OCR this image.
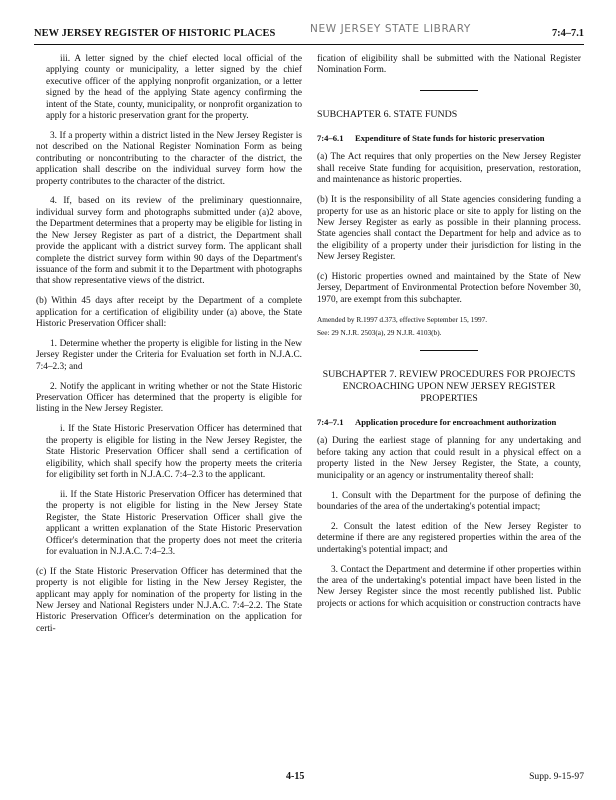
NEW JERSEY REGISTER OF HISTORIC PLACES	NEW JERSEY STATE LIBRARY	7:4–7.1

iii. A letter signed by the chief elected local official of the applying county or municipality, a letter signed by the chief executive officer of the applying nonprofit organization, or a letter signed by the head of the applying State agency confirming the intent of the State, county, municipality, or nonprofit organization to apply for a historic preservation grant for the property.

3. If a property within a district listed in the New Jersey Register is not described on the National Register Nomination Form as being contributing or noncontributing to the character of the district, the application shall describe on the individual survey form how the property contributes to the character of the district.

4. If, based on its review of the preliminary questionnaire, individual survey form and photographs submitted under (a)2 above, the Department determines that a property may be eligible for listing in the New Jersey Register as part of a district, the Department shall provide the applicant with a district survey form. The applicant shall complete the district survey form within 90 days of the Department's issuance of the form and submit it to the Department with photographs that show representative views of the district.

(b) Within 45 days after receipt by the Department of a complete application for a certification of eligibility under (a) above, the State Historic Preservation Officer shall:

1. Determine whether the property is eligible for listing in the New Jersey Register under the Criteria for Evaluation set forth in N.J.A.C. 7:4–2.3; and

2. Notify the applicant in writing whether or not the State Historic Preservation Officer has determined that the property is eligible for listing in the New Jersey Register.

i. If the State Historic Preservation Officer has determined that the property is eligible for listing in the New Jersey Register, the State Historic Preservation Officer shall send a certification of eligibility, which shall specify how the property meets the criteria for eligibility set forth in N.J.A.C. 7:4–2.3 to the applicant.

ii. If the State Historic Preservation Officer has determined that the property is not eligible for listing in the New Jersey State Register, the State Historic Preservation Officer shall give the applicant a written explanation of the State Historic Preservation Officer's determination that the property does not meet the criteria for evaluation in N.J.A.C. 7:4–2.3.

(c) If the State Historic Preservation Officer has determined that the property is not eligible for listing in the New Jersey Register, the applicant may apply for nomination of the property for listing in the New Jersey and National Registers under N.J.A.C. 7:4–2.2. The State Historic Preservation Officer's determination on the application for certi-

fication of eligibility shall be submitted with the National Register Nomination Form.

SUBCHAPTER 6. STATE FUNDS
7:4–6.1 Expenditure of State funds for historic preservation

(a) The Act requires that only properties on the New Jersey Register shall receive State funding for acquisition, preservation, restoration, and maintenance as historic properties.

(b) It is the responsibility of all State agencies considering funding a property for use as an historic place or site to apply for listing on the New Jersey Register as early as possible in their planning process. State agencies shall contact the Department for help and advice as to the eligibility of a property under their jurisdiction for listing in the New Jersey Register.

(c) Historic properties owned and maintained by the State of New Jersey, Department of Environmental Protection before November 30, 1970, are exempt from this subchapter.

Amended by R.1997 d.373, effective September 15, 1997.
See: 29 N.J.R. 2503(a), 29 N.J.R. 4103(b).
SUBCHAPTER 7. REVIEW PROCEDURES FOR PROJECTS ENCROACHING UPON NEW JERSEY REGISTER PROPERTIES
7:4–7.1 Application procedure for encroachment authorization

(a) During the earliest stage of planning for any undertaking and before taking any action that could result in a physical effect on a property listed in the New Jersey Register, the State, a county, municipality or an agency or instrumentality thereof shall:

1. Consult with the Department for the purpose of defining the boundaries of the area of the undertaking's potential impact;

2. Consult the latest edition of the New Jersey Register to determine if there are any registered properties within the area of the undertaking's potential impact; and

3. Contact the Department and determine if other properties within the area of the undertaking's potential impact have been listed in the New Jersey Register since the most recently published list. Public projects or actions for which acquisition or construction contracts have

4-15	Supp. 9-15-97
